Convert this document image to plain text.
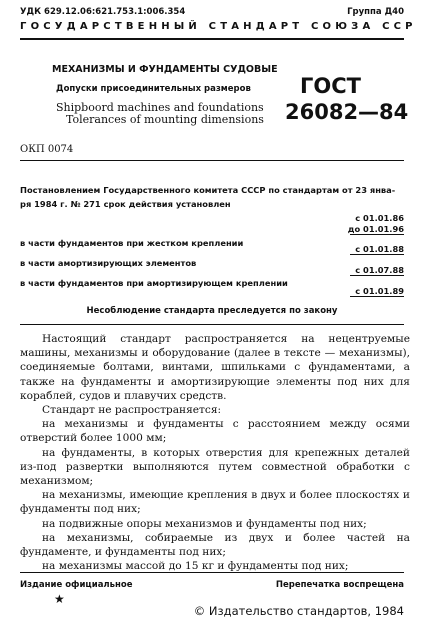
УДК 629.12.06:621.753.1:006.354	Группа Д40
ГОСУДАРСТВЕННЫЙ СТАНДАРТ СОЮЗА ССР
МЕХАНИЗМЫ И ФУНДАМЕНТЫ СУДОВЫЕ
Допуски присоединительных размеров
Shipboord machines and foundations
Tolerances of mounting dimensions
ГОСТ
26082—84
ОКП 0074
Постановлением Государственного комитета СССР по стандартам от 23 янва-
ря 1984 г. № 271 срок действия установлен
с 01.01.86
до 01.01.96
в части фундаментов при жестком креплении
с 01.01.88
в части амортизирующих элементов
с 01.07.88
в части фундаментов при амортизирующем креплении
с 01.01.89
Несоблюдение стандарта преследуется по закону

Настоящий стандарт распространяется на нецентруемые машины, механизмы и оборудование (далее в тексте — механизмы), соединяемые болтами, винтами, шпильками с фундаментами, а также на фундаменты и амортизирующие элементы под них для кораблей, судов и плавучих средств.

Стандарт не распространяется:

на механизмы и фундаменты с расстоянием между осями отверстий более 1000 мм;

на фундаменты, в которых отверстия для крепежных деталей из-под развертки выполняются путем совместной обработки с механизмом;

на механизмы, имеющие крепления в двух и более плоскостях и фундаменты под них;

на подвижные опоры механизмов и фундаменты под них;

на механизмы, собираемые из двух и более частей на фундаменте, и фундаменты под них;

на механизмы массой до 15 кг и фундаменты под них;

Издание официальное	Перепечатка воспрещена
★
© Издательство стандартов, 1984
